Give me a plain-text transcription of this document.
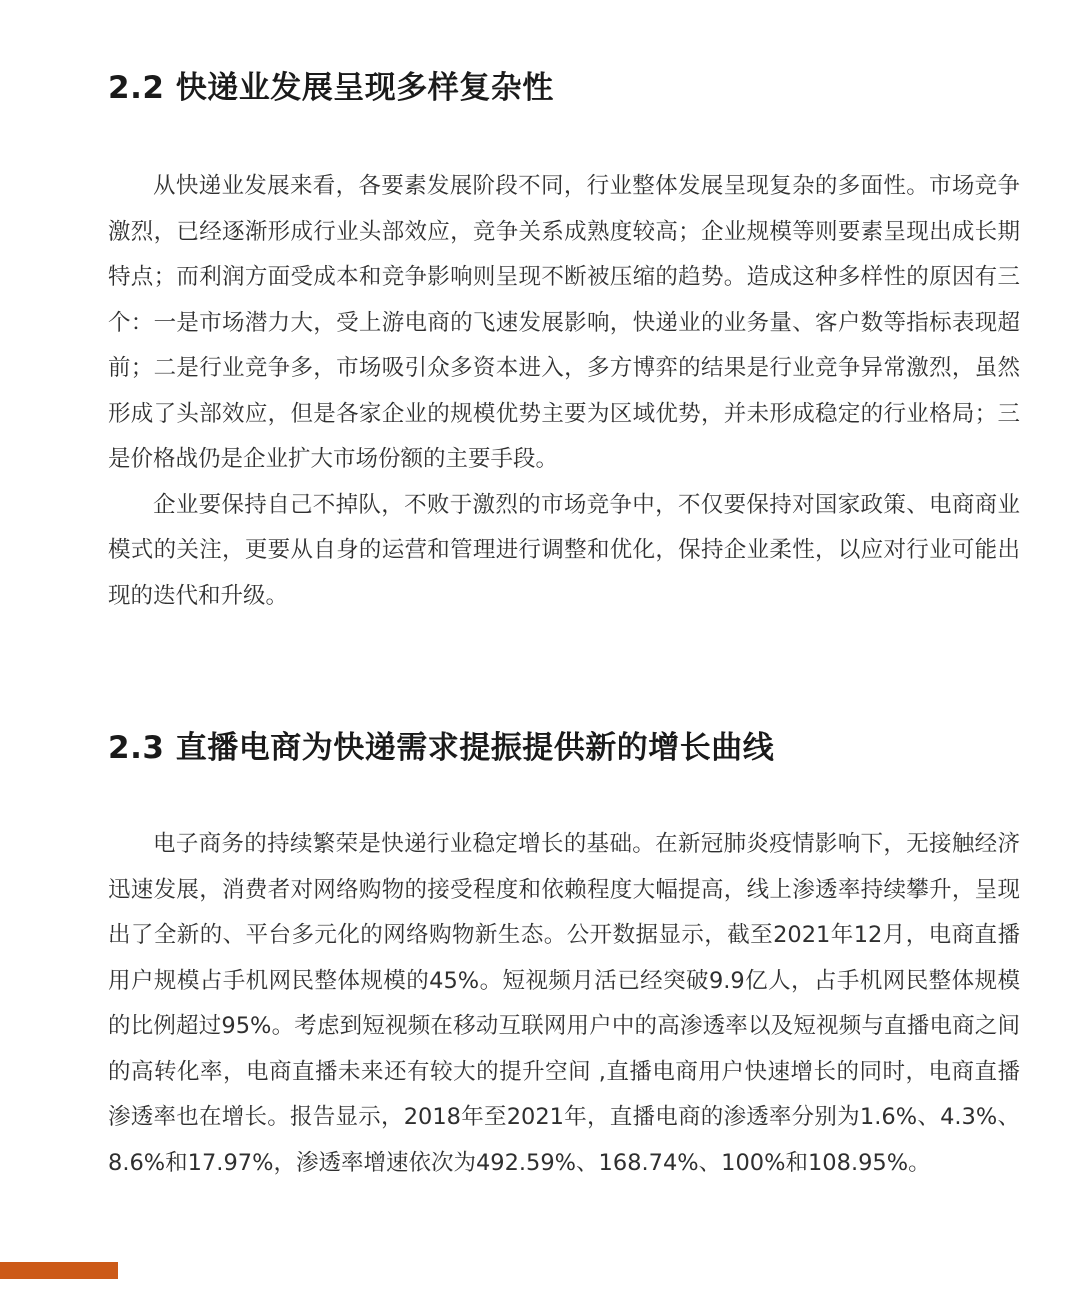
2.2 快递业发展呈现多样复杂性

从快递业发展来看，各要素发展阶段不同，行业整体发展呈现复杂的多面性。市场竞争激烈，已经逐渐形成行业头部效应，竞争关系成熟度较高；企业规模等则要素呈现出成长期特点；而利润方面受成本和竞争影响则呈现不断被压缩的趋势。造成这种多样性的原因有三个：一是市场潜力大，受上游电商的飞速发展影响，快递业的业务量、客户数等指标表现超前；二是行业竞争多，市场吸引众多资本进入，多方博弈的结果是行业竞争异常激烈，虽然形成了头部效应，但是各家企业的规模优势主要为区域优势，并未形成稳定的行业格局；三是价格战仍是企业扩大市场份额的主要手段。

企业要保持自己不掉队，不败于激烈的市场竞争中，不仅要保持对国家政策、电商商业模式的关注，更要从自身的运营和管理进行调整和优化，保持企业柔性，以应对行业可能出现的迭代和升级。

2.3 直播电商为快递需求提振提供新的增长曲线

电子商务的持续繁荣是快递行业稳定增长的基础。在新冠肺炎疫情影响下，无接触经济迅速发展，消费者对网络购物的接受程度和依赖程度大幅提高，线上渗透率持续攀升，呈现出了全新的、平台多元化的网络购物新生态。公开数据显示，截至2021年12月，电商直播用户规模占手机网民整体规模的45%。短视频月活已经突破9.9亿人，占手机网民整体规模的比例超过95%。考虑到短视频在移动互联网用户中的高渗透率以及短视频与直播电商之间的高转化率，电商直播未来还有较大的提升空间 ,直播电商用户快速增长的同时，电商直播渗透率也在增长。报告显示，2018年至2021年，直播电商的渗透率分别为1.6%、4.3%、8.6%和17.97%，渗透率增速依次为492.59%、168.74%、100%和108.95%。
